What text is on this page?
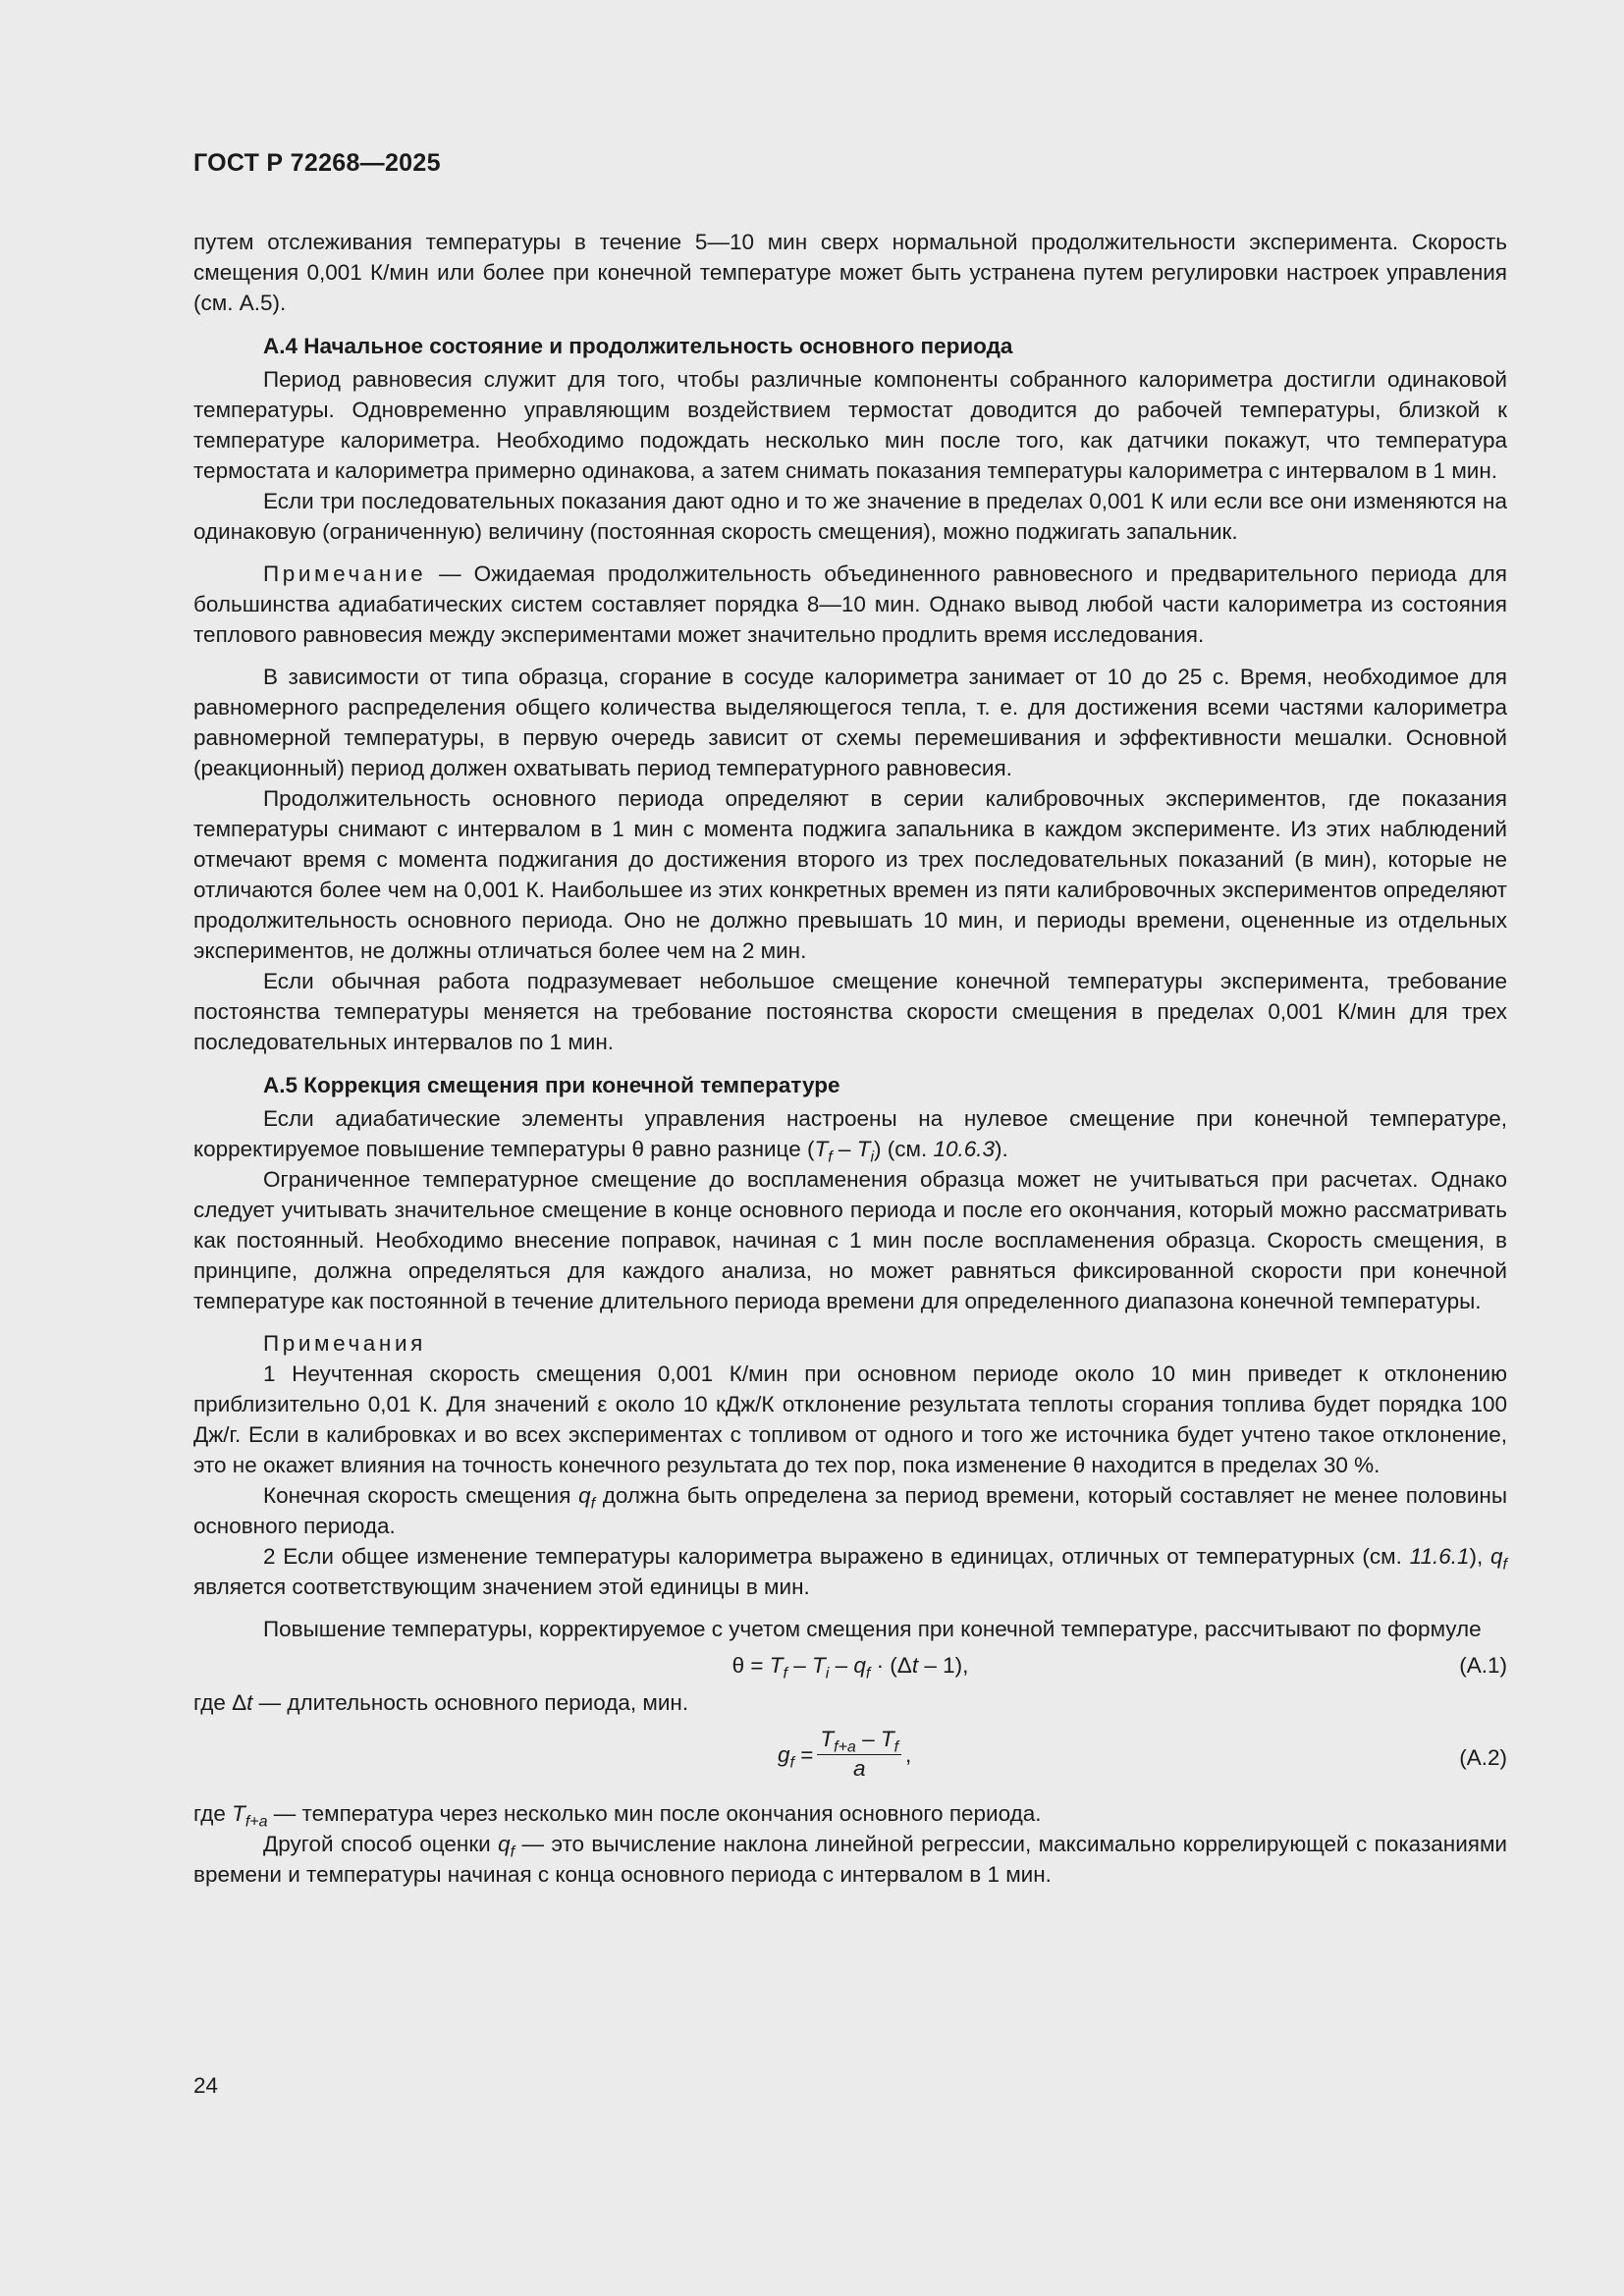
ГОСТ Р 72268—2025

путем отслеживания температуры в течение 5—10 мин сверх нормальной продолжительности эксперимента. Скорость смещения 0,001 К/мин или более при конечной температуре может быть устранена путем регулировки настроек управления (см. А.5).

А.4 Начальное состояние и продолжительность основного периода

Период равновесия служит для того, чтобы различные компоненты собранного калориметра достигли одинаковой температуры. Одновременно управляющим воздействием термостат доводится до рабочей температуры, близкой к температуре калориметра. Необходимо подождать несколько мин после того, как датчики покажут, что температура термостата и калориметра примерно одинакова, а затем снимать показания температуры калориметра с интервалом в 1 мин.

Если три последовательных показания дают одно и то же значение в пределах 0,001 К или если все они изменяются на одинаковую (ограниченную) величину (постоянная скорость смещения), можно поджигать запальник.

Примечание — Ожидаемая продолжительность объединенного равновесного и предварительного периода для большинства адиабатических систем составляет порядка 8—10 мин. Однако вывод любой части калориметра из состояния теплового равновесия между экспериментами может значительно продлить время исследования.

В зависимости от типа образца, сгорание в сосуде калориметра занимает от 10 до 25 с. Время, необходимое для равномерного распределения общего количества выделяющегося тепла, т. е. для достижения всеми частями калориметра равномерной температуры, в первую очередь зависит от схемы перемешивания и эффективности мешалки. Основной (реакционный) период должен охватывать период температурного равновесия.

Продолжительность основного периода определяют в серии калибровочных экспериментов, где показания температуры снимают с интервалом в 1 мин с момента поджига запальника в каждом эксперименте. Из этих наблюдений отмечают время с момента поджигания до достижения второго из трех последовательных показаний (в мин), которые не отличаются более чем на 0,001 К. Наибольшее из этих конкретных времен из пяти калибровочных экспериментов определяют продолжительность основного периода. Оно не должно превышать 10 мин, и периоды времени, оцененные из отдельных экспериментов, не должны отличаться более чем на 2 мин.

Если обычная работа подразумевает небольшое смещение конечной температуры эксперимента, требование постоянства температуры меняется на требование постоянства скорости смещения в пределах 0,001 К/мин для трех последовательных интервалов по 1 мин.

А.5 Коррекция смещения при конечной температуре

Если адиабатические элементы управления настроены на нулевое смещение при конечной температуре, корректируемое повышение температуры θ равно разнице $(T_f - T_i)$ (см. 10.6.3).

Ограниченное температурное смещение до воспламенения образца может не учитываться при расчетах. Однако следует учитывать значительное смещение в конце основного периода и после его окончания, который можно рассматривать как постоянный. Необходимо внесение поправок, начиная с 1 мин после воспламенения образца. Скорость смещения, в принципе, должна определяться для каждого анализа, но может равняться фиксированной скорости при конечной температуре как постоянной в течение длительного периода времени для определенного диапазона конечной температуры.

Примечания

1 Неучтенная скорость смещения 0,001 К/мин при основном периоде около 10 мин приведет к отклонению приблизительно 0,01 К. Для значений ε около 10 кДж/К отклонение результата теплоты сгорания топлива будет порядка 100 Дж/г. Если в калибровках и во всех экспериментах с топливом от одного и того же источника будет учтено такое отклонение, это не окажет влияния на точность конечного результата до тех пор, пока изменение θ находится в пределах 30 %.

Конечная скорость смещения $q_f$ должна быть определена за период времени, который составляет не менее половины основного периода.

2 Если общее изменение температуры калориметра выражено в единицах, отличных от температурных (см. 11.6.1), $q_f$ является соответствующим значением этой единицы в мин.

Повышение температуры, корректируемое с учетом смещения при конечной температуре, рассчитывают по формуле

$\theta = T_f - T_i - q_f \cdot (\Delta t - 1)$,	(А.1)

где Δt — длительность основного периода, мин.

$g_f = \frac{T_{f+a} - T_f}{a}$ ,	(А.2)

где $T_{f+a}$ — температура через несколько мин после окончания основного периода.

Другой способ оценки $q_f$ — это вычисление наклона линейной регрессии, максимально коррелирующей с показаниями времени и температуры начиная с конца основного периода с интервалом в 1 мин.

24
